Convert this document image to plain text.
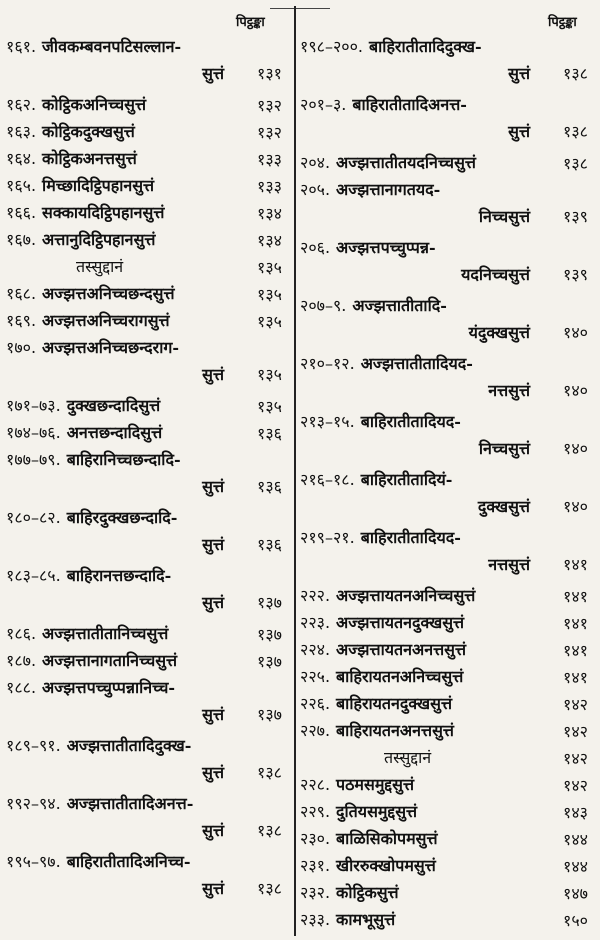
पिट्ठङ्का
१६१. जीवकम्बवनपटिसल्लान-
सुत्तं १३१
१६२. कोट्ठिकअनिच्चसुत्तं	१३२
१६३. कोट्ठिकदुक्खसुत्तं	१३२
१६४. कोट्ठिकअनत्तसुत्तं	१३३
१६५. मिच्छादिट्ठिपहानसुत्तं	१३३
१६६. सक्कायदिट्ठिपहानसुत्तं	१३४
१६७. अत्तानुदिट्ठिपहानसुत्तं	१३४
तस्सुद्दानं	१३५
१६८. अज्झत्तअनिच्चछन्दसुत्तं	१३५
१६९. अज्झत्तअनिच्चरागसुत्तं	१३५
१७०. अज्झत्तअनिच्चछन्दराग-
सुत्तं १३५
१७१–७३. दुक्खछन्दादिसुत्तं	१३५
१७४–७६. अनत्तछन्दादिसुत्तं	१३६
१७७–७९. बाहिरानिच्चछन्दादि-
सुत्तं १३६
१८०–८२. बाहिरदुक्खछन्दादि-
सुत्तं १३६
१८३–८५. बाहिरानत्तछन्दादि-
सुत्तं १३७
१८६. अज्झत्तातीतानिच्चसुत्तं	१३७
१८७. अज्झत्तानागतानिच्चसुत्तं	१३७
१८८. अज्झत्तपच्चुप्पन्नानिच्च-
सुत्तं १३७
१८९–९१. अज्झत्तातीतादिदुक्ख-
सुत्तं १३८
१९२–९४. अज्झत्तातीतादिअनत्त-
सुत्तं १३८
१९५–९७. बाहिरातीतादिअनिच्च-
सुत्तं १३८
पिट्ठङ्का
१९८–२००. बाहिरातीतादिदुक्ख-
सुत्तं १३८
२०१–३. बाहिरातीतादिअनत्त-
सुत्तं १३८
२०४. अज्झत्तातीतयदनिच्चसुत्तं	१३८
२०५. अज्झत्तानागतयद-
निच्चसुत्तं १३९
२०६. अज्झत्तपच्चुप्पन्न-
यदनिच्चसुत्तं १३९
२०७–९. अज्झत्तातीतादि-
यंदुक्खसुत्तं १४०
२१०–१२. अज्झत्तातीतादियद-
नत्तसुत्तं १४०
२१३–१५. बाहिरातीतादियद-
निच्चसुत्तं १४०
२१६–१८. बाहिरातीतादियं-
दुक्खसुत्तं १४०
२१९–२१. बाहिरातीतादियद-
नत्तसुत्तं १४१
२२२. अज्झत्तायतनअनिच्चसुत्तं	१४१
२२३. अज्झत्तायतनदुक्खसुत्तं	१४१
२२४. अज्झत्तायतनअनत्तसुत्तं	१४१
२२५. बाहिरायतनअनिच्चसुत्तं	१४१
२२६. बाहिरायतनदुक्खसुत्तं	१४२
२२७. बाहिरायतनअनत्तसुत्तं	१४२
तस्सुद्दानं	१४२
२२८. पठमसमुद्दसुत्तं	१४२
२२९. दुतियसमुद्दसुत्तं	१४३
२३०. बाळिसिकोपमसुत्तं	१४४
२३१. खीररुक्खोपमसुत्तं	१४४
२३२. कोट्ठिकसुत्तं	१४७
२३३. कामभूसुत्तं	१५०
